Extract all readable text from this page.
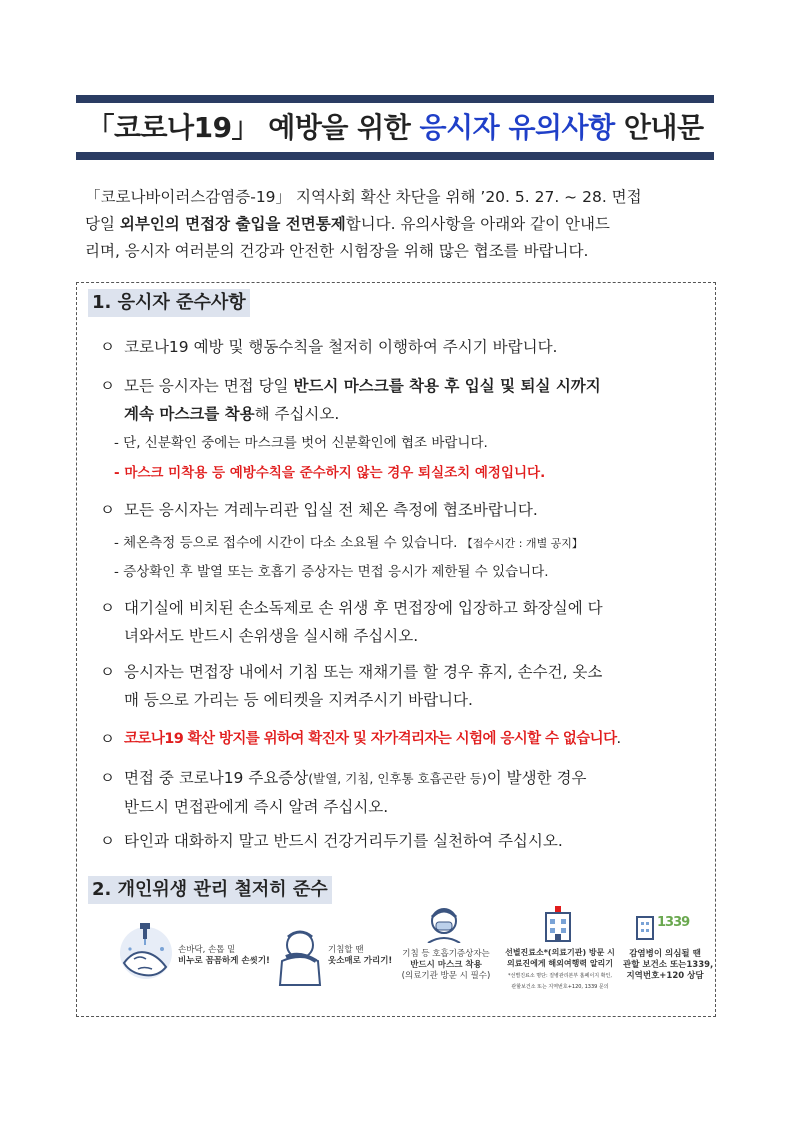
「코로나19」 예방을 위한 응시자 유의사항 안내문

「코로나바이러스감염증-19」 지역사회 확산 차단을 위해 ’20. 5. 27. ~ 28. 면접

당일 외부인의 면접장 출입을 전면통제합니다. 유의사항을 아래와 같이 안내드

리며, 응시자 여러분의 건강과 안전한 시험장을 위해 많은 협조를 바랍니다.

1. 응시자 준수사항
ㅇ 코로나19 예방 및 행동수칙을 철저히 이행하여 주시기 바랍니다.
ㅇ 모든 응시자는 면접 당일 반드시 마스크를 착용 후 입실 및 퇴실 시까지
계속 마스크를 착용해 주십시오.
- 단, 신분확인 중에는 마스크를 벗어 신분확인에 협조 바랍니다.
- 마스크 미착용 등 예방수칙을 준수하지 않는 경우 퇴실조치 예정입니다.
ㅇ 모든 응시자는 겨레누리관 입실 전 체온 측정에 협조바랍니다.
- 체온측정 등으로 접수에 시간이 다소 소요될 수 있습니다. 【접수시간 : 개별 공지】
- 증상확인 후 발열 또는 호흡기 증상자는 면접 응시가 제한될 수 있습니다.
ㅇ 대기실에 비치된 손소독제로 손 위생 후 면접장에 입장하고 화장실에 다
녀와서도 반드시 손위생을 실시해 주십시오.
ㅇ 응시자는 면접장 내에서 기침 또는 재채기를 할 경우 휴지, 손수건, 옷소
매 등으로 가리는 등 에티켓을 지켜주시기 바랍니다.
ㅇ 코로나19 확산 방지를 위하여 확진자 및 자가격리자는 시험에 응시할 수 없습니다.
ㅇ 면접 중 코로나19 주요증상(발열, 기침, 인후통 호흡곤란 등)이 발생한 경우
반드시 면접관에게 즉시 알려 주십시오.
ㅇ 타인과 대화하지 말고 반드시 건강거리두기를 실천하여 주십시오.
2. 개인위생 관리 철저히 준수
손바닥, 손톱 밑
비누로 꼼꼼하게 손씻기!
기침할 땐
옷소매로 가리기!
기침 등 호흡기증상자는
반드시 마스크 착용
(의료기관 방문 시 필수)
선별진료소*(의료기관) 방문 시
의료진에게 해외여행력 알리기
*선별진료소 명단: 질병관리본부 홈페이지 확인,
관할보건소 또는 지역번호+120, 1339 문의
1339
감염병이 의심될 땐
관할 보건소 또는1339,
지역번호+120 상담
